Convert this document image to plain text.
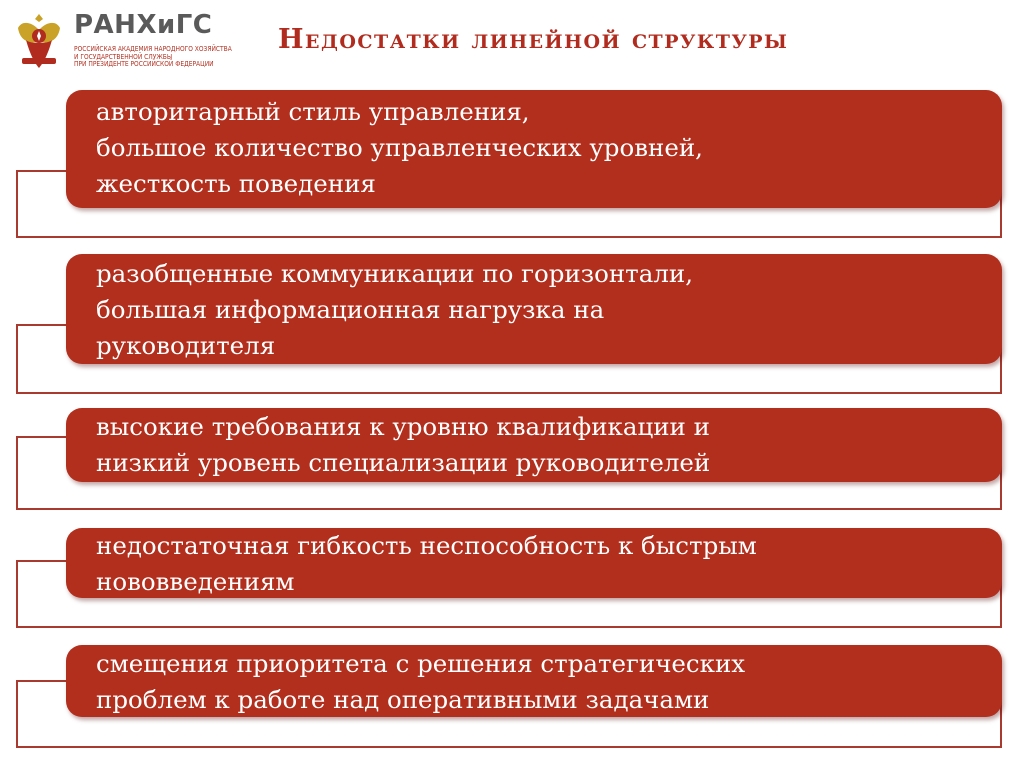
РАНХиГС
РОССИЙСКАЯ АКАДЕМИЯ НАРОДНОГО ХОЗЯЙСТВА
И ГОСУДАРСТВЕННОЙ СЛУЖБЫ
ПРИ ПРЕЗИДЕНТЕ РОССИЙСКОЙ ФЕДЕРАЦИИ
Недостатки линейной структуры

авторитарный стиль управления,

большое количество управленческих уровней,

жесткость поведения

разобщенные коммуникации по горизонтали,

большая информационная нагрузка на

руководителя

высокие требования к уровню квалификации и

низкий уровень специализации руководителей

недостаточная гибкость неспособность к быстрым

нововведениям

смещения приоритета с решения стратегических

проблем к работе над оперативными задачами
